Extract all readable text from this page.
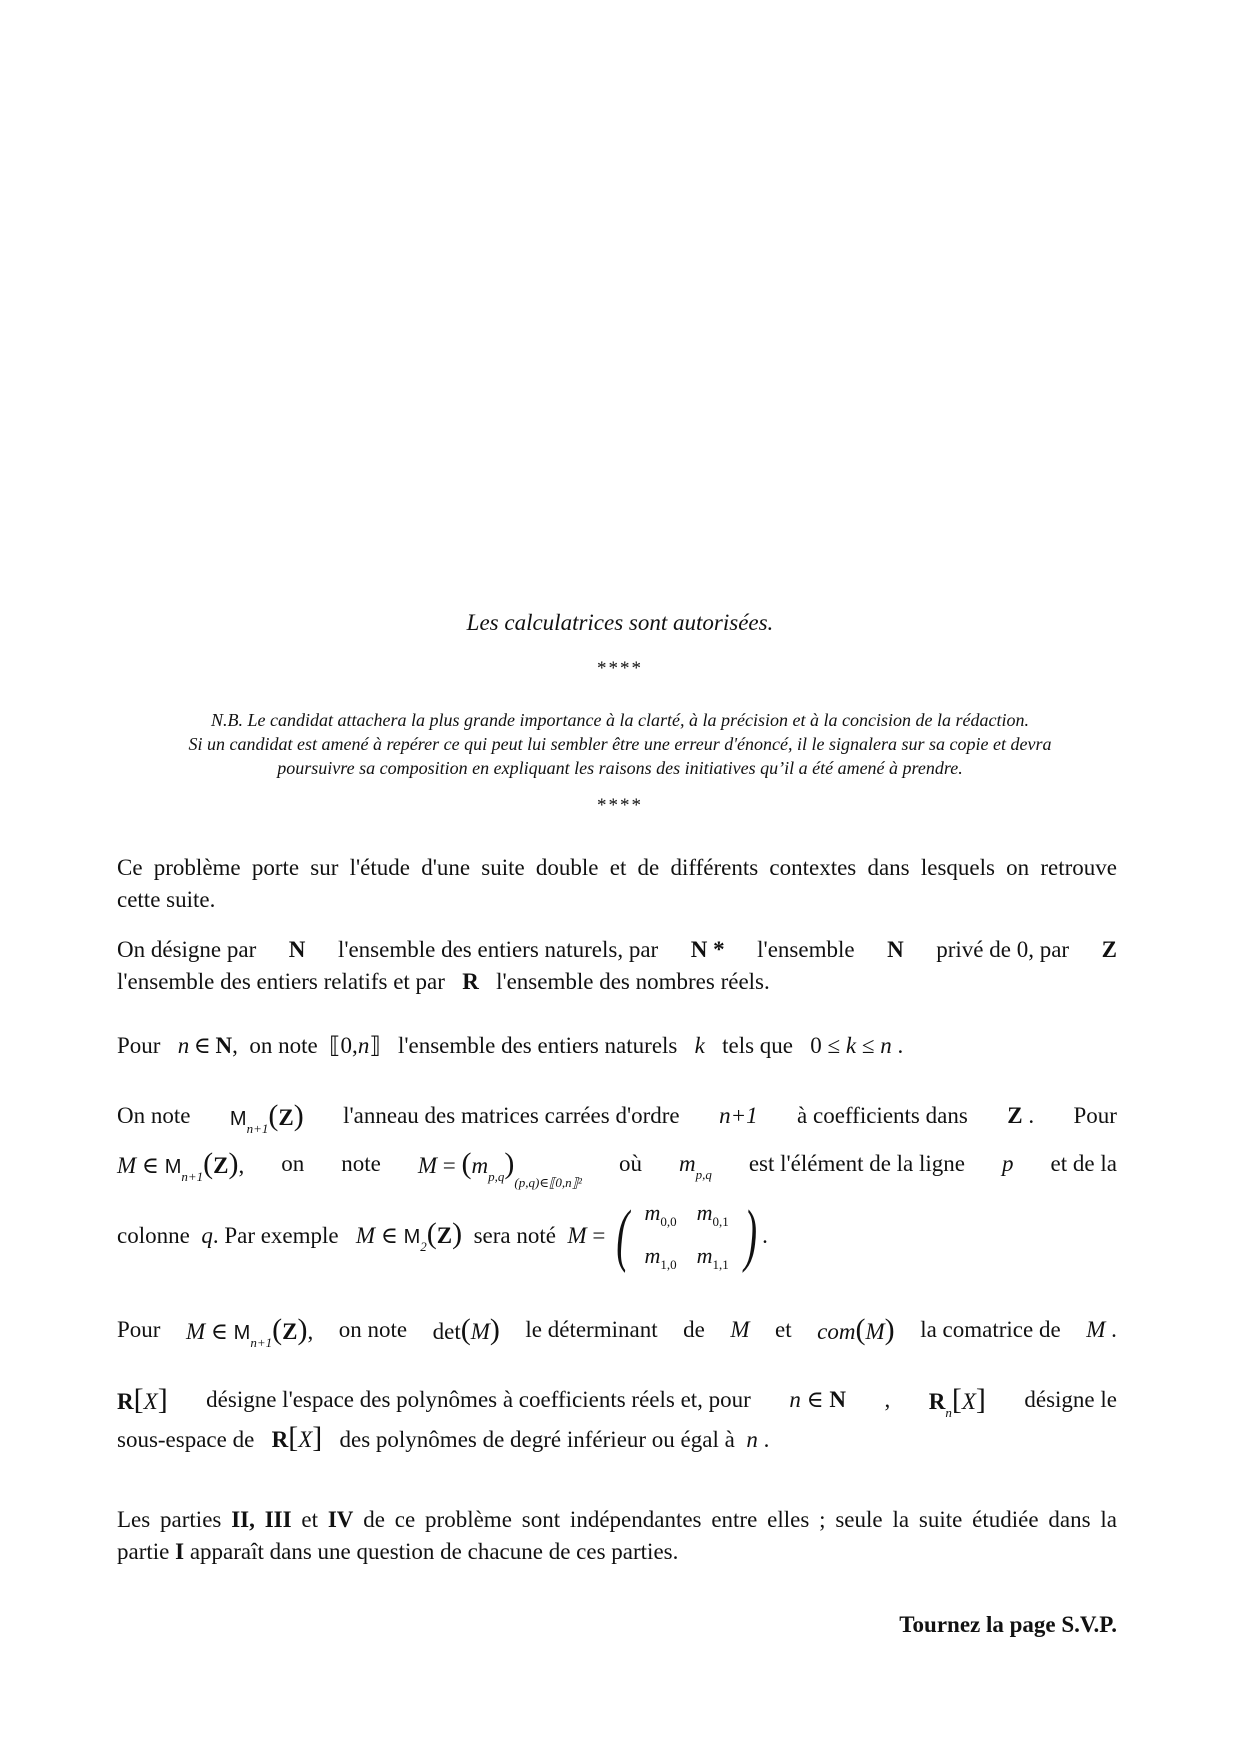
Les calculatrices sont autorisées.
****
N.B. Le candidat attachera la plus grande importance à la clarté, à la précision et à la concision de la rédaction.
Si un candidat est amené à repérer ce qui peut lui sembler être une erreur d'énoncé, il le signalera sur sa copie et devra
poursuivre sa composition en expliquant les raisons des initiatives qu’il a été amené à prendre.
****
Ce problème porte sur l'étude d'une suite double et de différents contextes dans lesquels on retrouve
cette suite.
On désigne par N l'ensemble des entiers naturels, par N * l'ensemble N privé de 0, par Z
l'ensemble des entiers relatifs et par R l'ensemble des nombres réels.
Pour n ∈ N,  on note ⟦0,n⟧ l'ensemble des entiers naturels k tels que 0 ≤ k ≤ n .
On note $M_{n+1}(Z)$ l'anneau des matrices carrées d'ordre n+1 à coefficients dans Z . Pour
M ∈ $M_{n+1}(Z)$, on note $M = (m_{p,q})_{(p,q)\in⟦0,n⟧^2}$
où $m_{p,q}$ est l'élément de la ligne p et de la
colonne
q . Par exemple
M ∈ $M_2(Z)$
sera noté
M = ( $m_{0,0}$	$m_{0,1}$
$m_{1,0}$	$m_{1,1}$ ) .
Pour M ∈ $M_{n+1}(Z)$, on note det(M) le déterminant de M et com(M) la comatrice de M .
R[X] désigne l'espace des polynômes à coefficients réels et, pour n ∈ N , $R_n[X]$ désigne le
sous-espace de R[X] des polynômes de degré inférieur ou égal à n .
Les parties II, III et IV de ce problème sont indépendantes entre elles ; seule la suite étudiée dans la
partie I apparaît dans une question de chacune de ces parties.
Tournez la page S.V.P.
